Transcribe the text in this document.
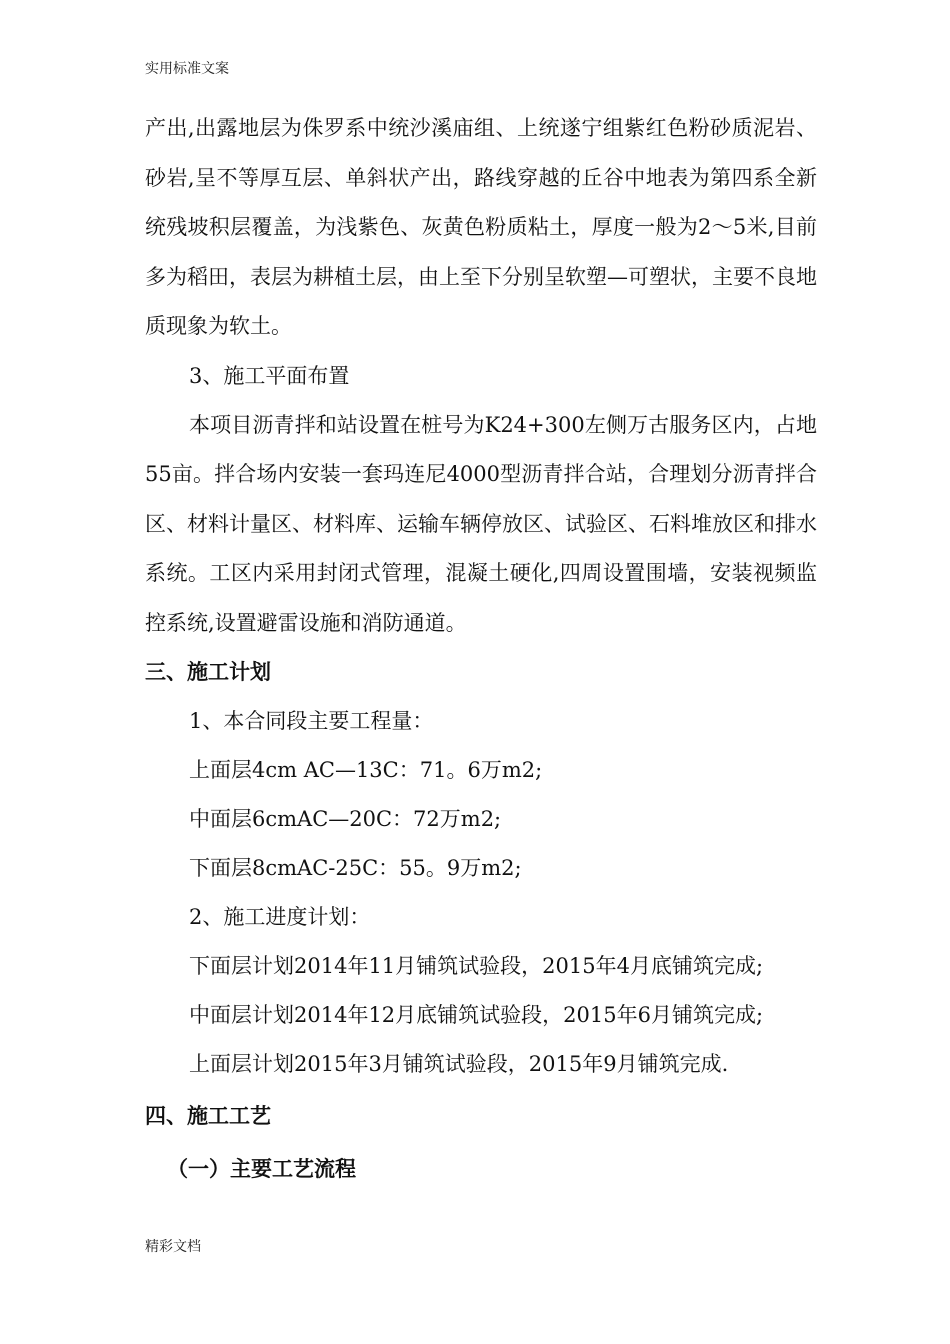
实用标准文案

产出,出露地层为侏罗系中统沙溪庙组、上统遂宁组紫红色粉砂质泥岩、砂岩,呈不等厚互层、单斜状产出，路线穿越的丘谷中地表为第四系全新统残坡积层覆盖，为浅紫色、灰黄色粉质粘土，厚度一般为2～5米,目前多为稻田，表层为耕植土层，由上至下分别呈软塑—可塑状，主要不良地质现象为软土。

3、施工平面布置

本项目沥青拌和站设置在桩号为K24+300左侧万古服务区内，占地55亩。拌合场内安装一套玛连尼4000型沥青拌合站，合理划分沥青拌合区、材料计量区、材料库、运输车辆停放区、试验区、石料堆放区和排水系统。工区内采用封闭式管理，混凝土硬化,四周设置围墙，安装视频监控系统,设置避雷设施和消防通道。

三、施工计划

1、本合同段主要工程量：

上面层4cm AC—13C：71。6万m2;

中面层6cmAC—20C：72万m2;

下面层8cmAC-25C：55。9万m2;

2、施工进度计划：

下面层计划2014年11月铺筑试验段，2015年4月底铺筑完成;

中面层计划2014年12月底铺筑试验段，2015年6月铺筑完成;

上面层计划2015年3月铺筑试验段，2015年9月铺筑完成.

四、施工工艺

（一）主要工艺流程

精彩文档
